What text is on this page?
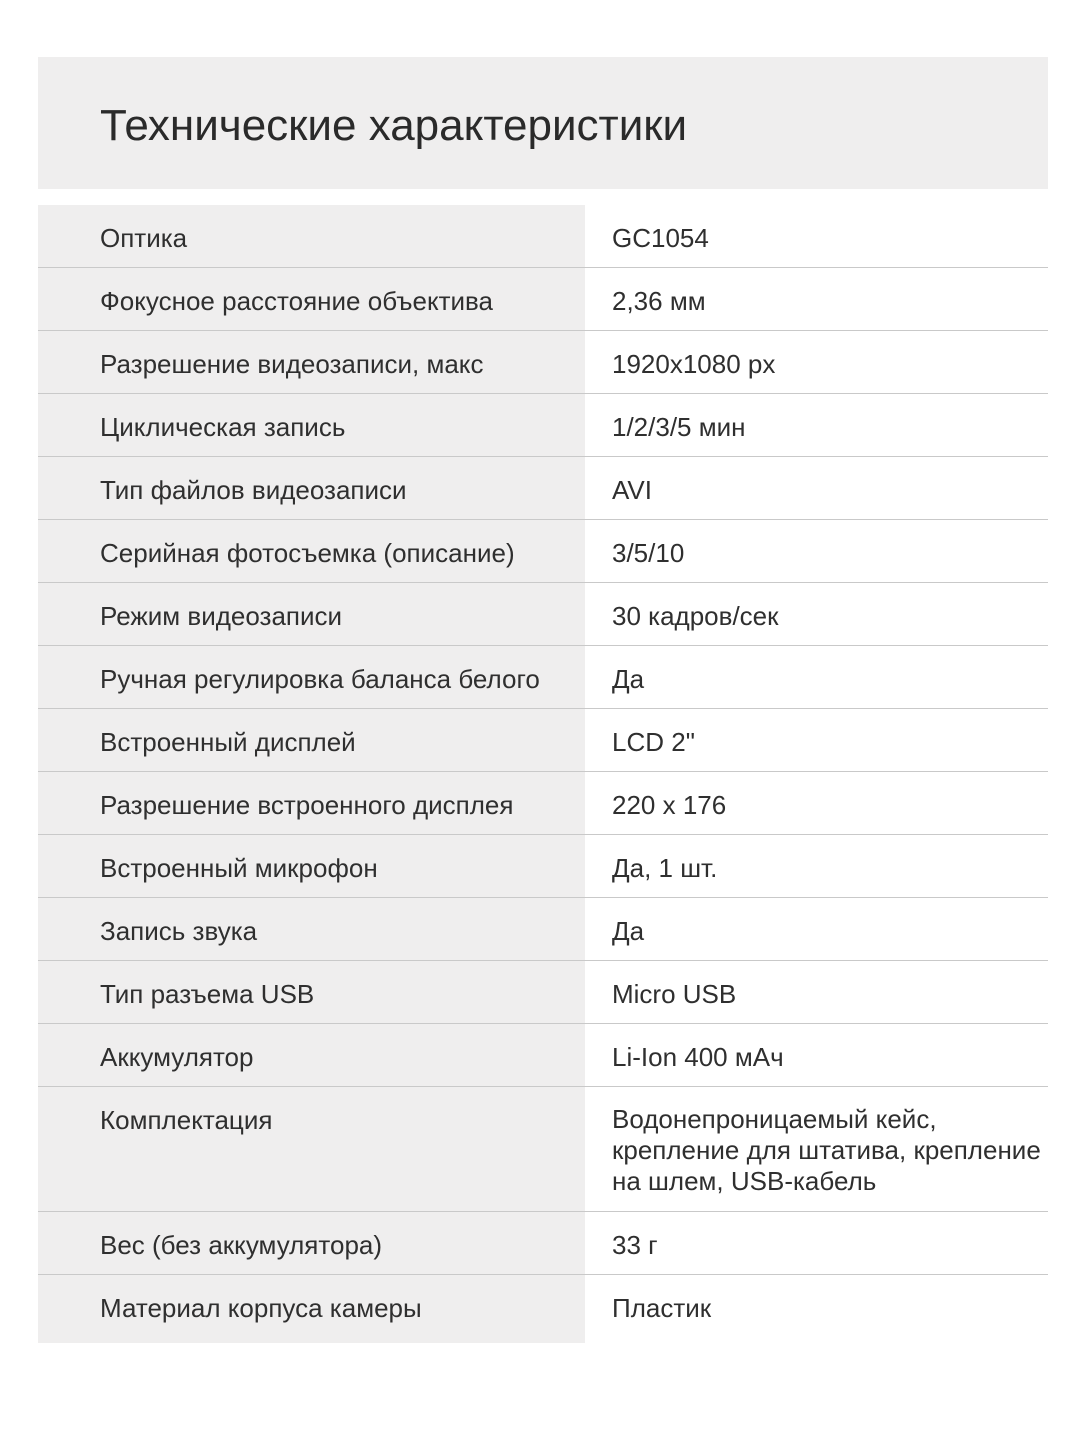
Технические характеристики
Оптика	GC1054
Фокусное расстояние объектива	2,36 мм
Разрешение видеозаписи, макс	1920x1080 px
Циклическая запись	1/2/3/5 мин
Тип файлов видеозаписи	AVI
Серийная фотосъемка (описание)	3/5/10
Режим видеозаписи	30 кадров/сек
Ручная регулировка баланса белого	Да
Встроенный дисплей	LCD 2"
Разрешение встроенного дисплея	220 x 176
Встроенный микрофон	Да, 1 шт.
Запись звука	Да
Тип разъема USB	Micro USB
Аккумулятор	Li-Ion 400 мАч
Комплектация	Водонепроницаемый кейс,
крепление для штатива, крепление
на шлем, USB-кабель
Вес (без аккумулятора)	33 г
Материал корпуса камеры	Пластик
